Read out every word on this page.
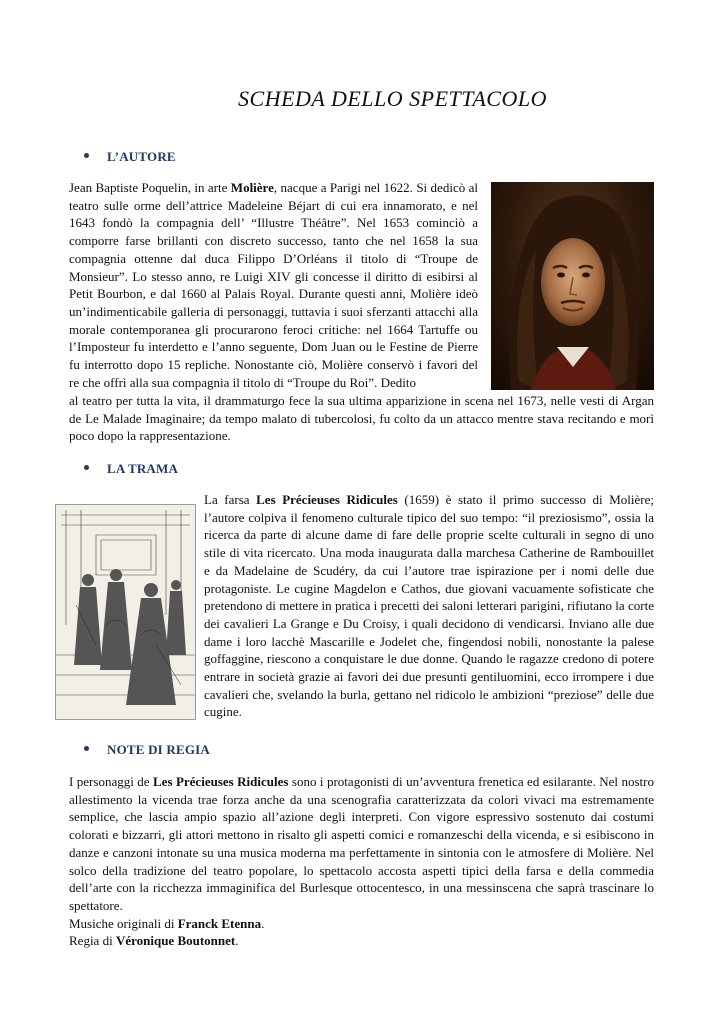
SCHEDA DELLO SPETTACOLO
L’AUTORE

Jean Baptiste Poquelin, in arte Molière, nacque a Parigi nel 1622. Si dedicò al teatro sulle orme dell’attrice Madeleine Béjart di cui era innamorato, e nel 1643 fondò la compagnia dell’ “Illustre Théâtre”. Nel 1653 cominciò a comporre farse brillanti con discreto successo, tanto che nel 1658 la sua compagnia ottenne dal duca Filippo D’Orléans il titolo di “Troupe de Monsieur”. Lo stesso anno, re Luigi XIV gli concesse il diritto di esibirsi al Petit Bourbon, e dal 1660 al Palais Royal. Durante questi anni, Molière ideò un’indimenticabile galleria di personaggi, tuttavia i suoi sferzanti attacchi alla morale contemporanea gli procurarono feroci critiche: nel 1664 Tartuffe ou l’Imposteur fu interdetto e l’anno seguente, Dom Juan ou le Festine de Pierre fu interrotto dopo 15 repliche. Nonostante ciò, Molière conservò i favori del re che offrì alla sua compagnia il titolo di “Troupe du Roi”. Dedito

al teatro per tutta la vita, il drammaturgo fece la sua ultima apparizione in scena nel 1673, nelle vesti di Argan de Le Malade Imaginaire; da tempo malato di tubercolosi, fu colto da un attacco mentre stava recitando e morì poco dopo la rappresentazione.

LA TRAMA

La farsa Les Précieuses Ridicules (1659) è stato il primo successo di Molière; l’autore colpiva il fenomeno culturale tipico del suo tempo: “il preziosismo”, ossia la ricerca da parte di alcune dame di fare delle proprie scelte culturali in segno di uno stile di vita ricercato. Una moda inaugurata dalla marchesa Catherine de Rambouillet e da Madelaine de Scudéry, da cui l’autore trae ispirazione per i nomi delle due protagoniste. Le cugine Magdelon e Cathos, due giovani vacuamente sofisticate che pretendono di mettere in pratica i precetti dei saloni letterari parigini, rifiutano la corte dei cavalieri La Grange e Du Croisy, i quali decidono di vendicarsi. Inviano alle due dame i loro lacchè Mascarille e Jodelet che, fingendosi nobili, nonostante la palese goffaggine, riescono a conquistare le due donne. Quando le ragazze credono di potere entrare in società grazie ai favori dei due presunti gentiluomini, ecco irrompere i due cavalieri che, svelando la burla, gettano nel ridicolo le ambizioni “preziose” delle due cugine.

NOTE DI REGIA

I personaggi de Les Précieuses Ridicules sono i protagonisti di un’avventura frenetica ed esilarante. Nel nostro allestimento la vicenda trae forza anche da una scenografia caratterizzata da colori vivaci ma estremamente semplice, che lascia ampio spazio all’azione degli interpreti. Con vigore espressivo sostenuto dai costumi colorati e bizzarri, gli attori mettono in risalto gli aspetti comici e romanzeschi della vicenda, e si esibiscono in danze e canzoni intonate su una musica moderna ma perfettamente in sintonia con le atmosfere di Molière. Nel solco della tradizione del teatro popolare, lo spettacolo accosta aspetti tipici della farsa e della commedia dell’arte con la ricchezza immaginifica del Burlesque ottocentesco, in una messinscena che saprà trascinare lo spettatore.

Musiche originali di Franck Etenna.

Regia di Véronique Boutonnet.
